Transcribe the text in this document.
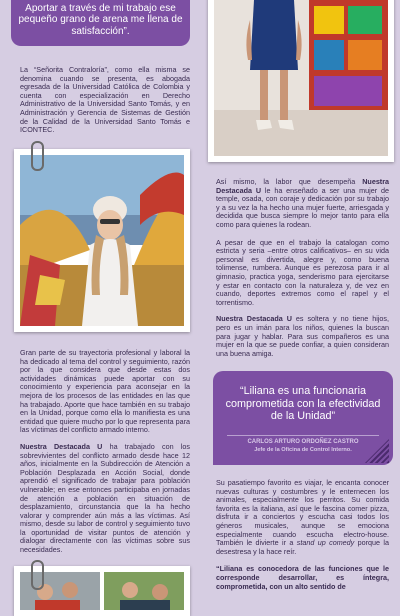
Aportar a través de mi trabajo ese pequeño grano de arena me llena de satisfacción”.

La “Señorita Contraloría”, como ella misma se denomina cuando se presenta, es abogada egresada de la Universidad Católica de Colombia y cuenta con especialización en Derecho Administrativo de la Universidad Santo Tomás, y en Administración y Gerencia de Sistemas de Gestión de la Calidad de la Universidad Santo Tomás e ICONTEC.

Gran parte de su trayectoria profesional y laboral la ha dedicado al tema del control y seguimiento, razón por la que considera que desde estas dos actividades dinámicas puede aportar con su conocimiento y experiencia para aconsejar en la mejora de los procesos de las entidades en las que ha trabajado. Aporte que hace también en su trabajo en la Unidad, porque como ella lo manifiesta es una entidad que quiere mucho por lo que representa para las víctimas del conflicto armado interno.

Nuestra Destacada U ha trabajado con los sobrevivientes del conflicto armado desde hace 12 años, inicialmente en la Subdirección de Atención a Población Desplazada en Acción Social, donde aprendió el significado de trabajar para población vulnerable; en ese entonces participaba en jornadas de atención a población en situación de desplazamiento, circunstancia que la ha hecho valorar y comprender aún más a las víctimas. Así mismo, desde su labor de control y seguimiento tuvo la oportunidad de visitar puntos de atención y dialogar directamente con las víctimas sobre sus necesidades.

Así mismo, la labor que desempeña Nuestra Destacada U le ha enseñado a ser una mujer de temple, osada, con coraje y dedicación por su trabajo y a su vez la ha hecho una mujer fuerte, arriesgada y decidida que busca siempre lo mejor tanto para ella como para quienes la rodean.

A pesar de que en el trabajo la catalogan como estricta y seria –entre otros calificativos– en su vida personal es divertida, alegre y, como buena tolimense, rumbera. Aunque es perezosa para ir al gimnasio, practica yoga, senderismo para ejercitarse y estar en contacto con la naturaleza y, de vez en cuando, deportes extremos como el rapel y el torrentismo.

Nuestra Destacada U es soltera y no tiene hijos, pero es un imán para los niños, quienes la buscan para jugar y hablar. Para sus compañeros es una mujer en la que se puede confiar, a quien consideran una buena amiga.

“Liliana es una funcionaria comprometida con la efectividad de la Unidad”
CARLOS ARTURO ORDOÑEZ CASTRO
Jefe de la Oficina de Control Interno.

Su pasatiempo favorito es viajar, le encanta conocer nuevas culturas y costumbres y le enternecen los animales, especialmente los perritos. Su comida favorita es la italiana, así que le fascina comer pizza, disfruta ir a conciertos y escucha casi todos los géneros musicales, aunque se emociona especialmente cuando escucha electro-house. También le divierte ir a stand up comedy porque la desestresa y la hace reír.

“Liliana es conocedora de las funciones que le corresponde desarrollar, es íntegra, comprometida, con un alto sentido de
